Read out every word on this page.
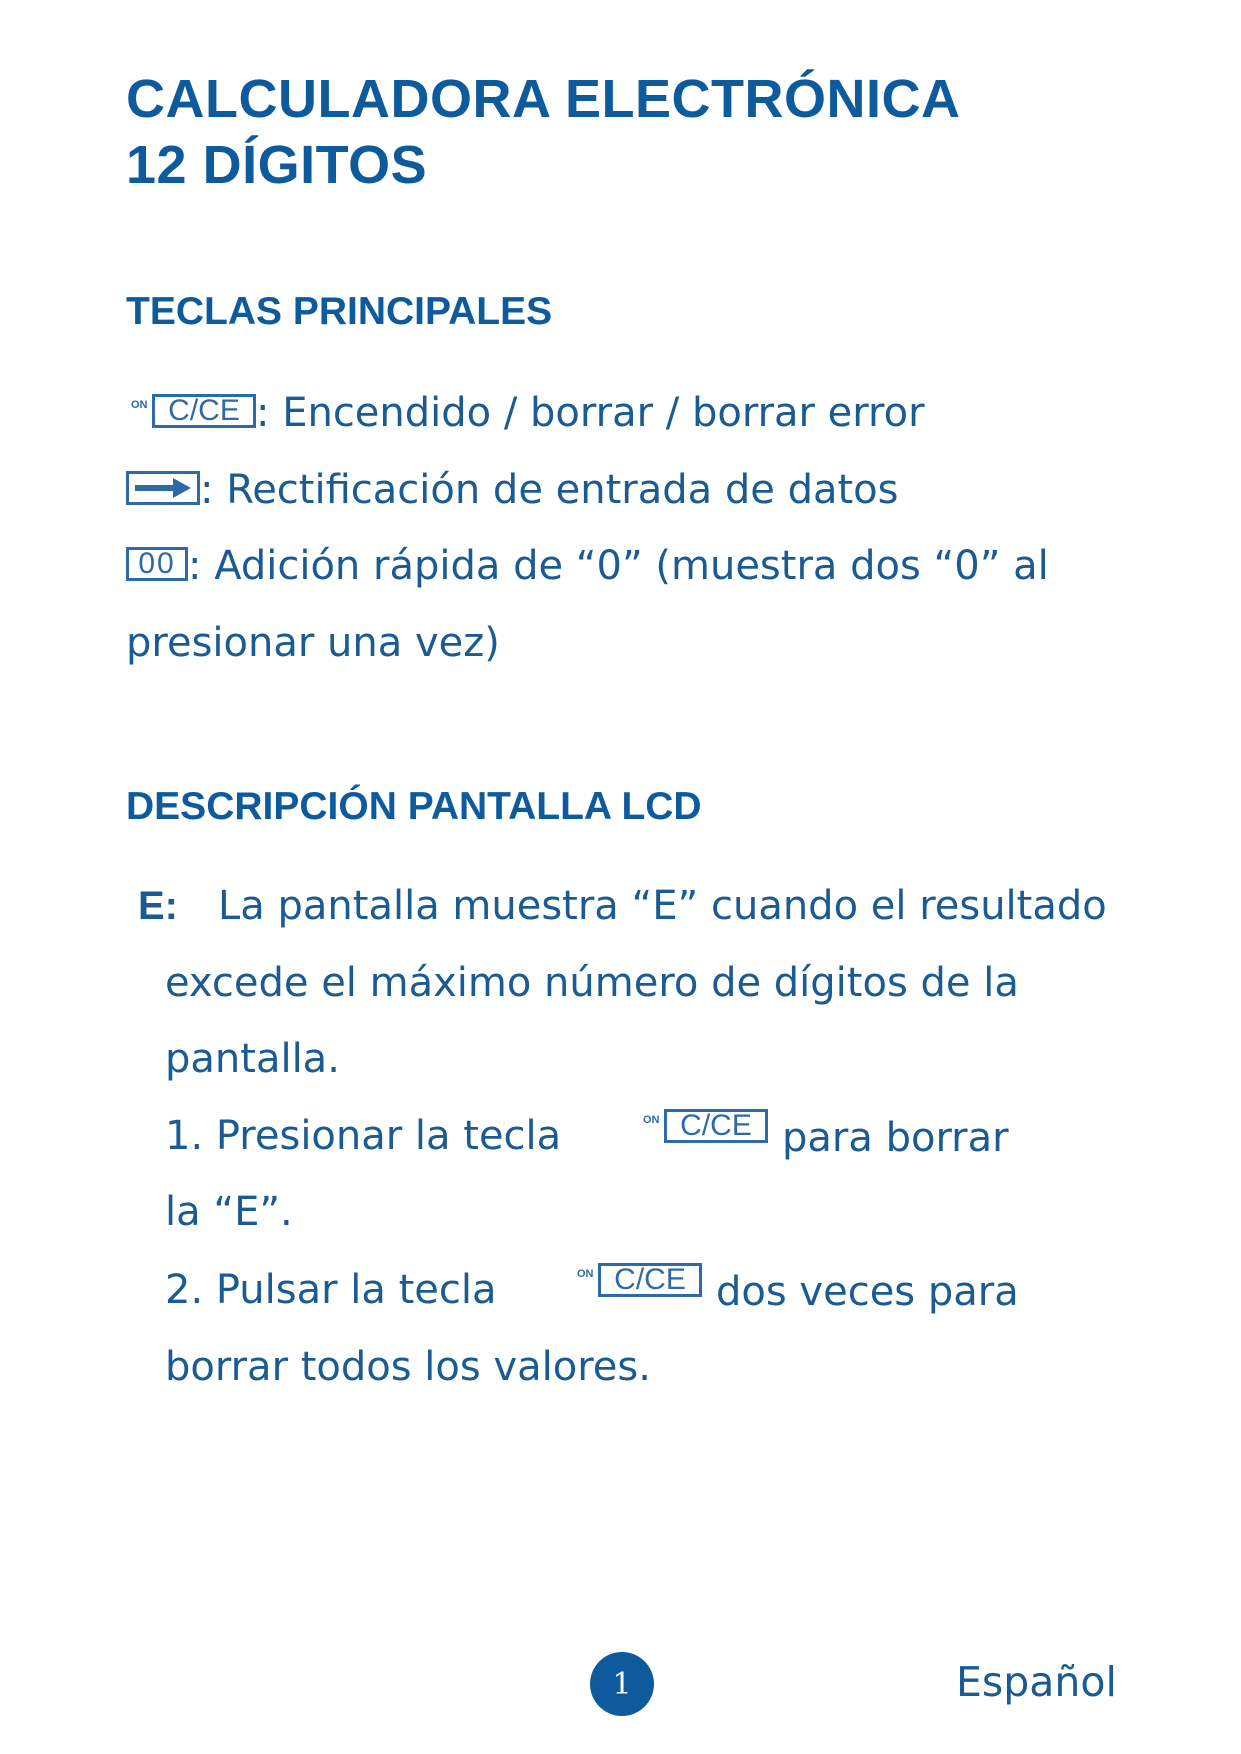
CALCULADORA ELECTRÓNICA
12 DÍGITOS
TECLAS PRINCIPALES
ON C/CE : Encendido / borrar / borrar error
: Rectificación de entrada de datos
00 : Adición rápida de “0” (muestra dos “0” al
presionar una vez)
DESCRIPCIÓN PANTALLA LCD
E: La pantalla muestra “E” cuando el resultado
excede el máximo número de dígitos de la
pantalla.
1. Presionar la tecla	ON C/CE para borrar
la “E”.
2. Pulsar la tecla	ON C/CE dos veces para
borrar todos los valores.
1	Español
